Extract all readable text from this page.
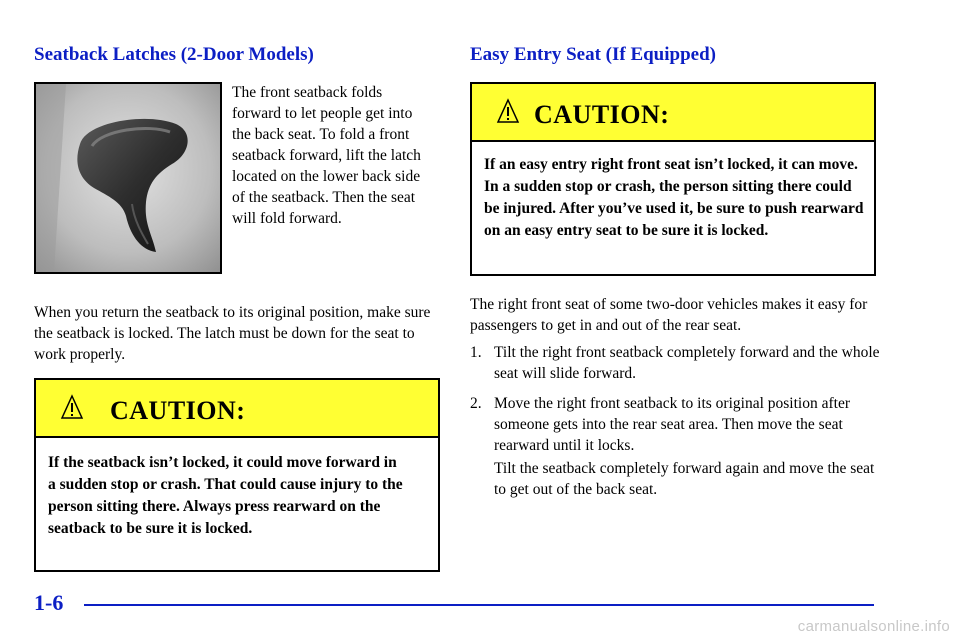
Seatback Latches (2-Door Models)

The front seatback folds forward to let people get into the back seat. To fold a front seatback forward, lift the latch located on the lower back side of the seatback. Then the seat will fold forward.

When you return the seatback to its original position, make sure the seatback is locked. The latch must be down for the seat to work properly.

CAUTION:
If the seatback isn’t locked, it could move forward in a sudden stop or crash. That could cause injury to the person sitting there. Always press rearward on the seatback to be sure it is locked.
Easy Entry Seat (If Equipped)
CAUTION:
If an easy entry right front seat isn’t locked, it can move. In a sudden stop or crash, the person sitting there could be injured. After you’ve used it, be sure to push rearward on an easy entry seat to be sure it is locked.

The right front seat of some two-door vehicles makes it easy for passengers to get in and out of the rear seat.

1. Tilt the right front seatback completely forward and the whole seat will slide forward.
2. Move the right front seatback to its original position after someone gets into the rear seat area. Then move the seat rearward until it locks.

Tilt the seatback completely forward again and move the seat to get out of the back seat.

1-6

carmanualsonline.info
